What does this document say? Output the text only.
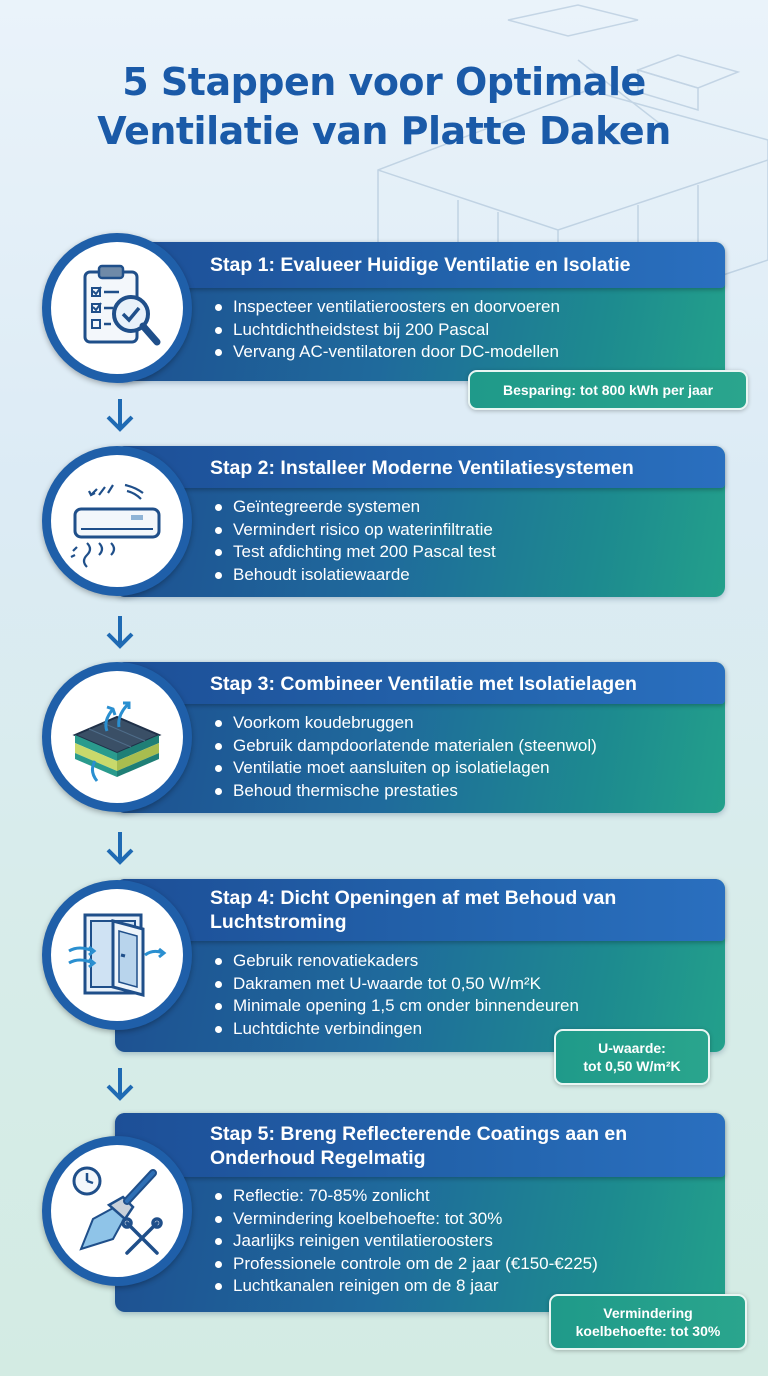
5 Stappen voor Optimale
Ventilatie van Platte Daken
Stap 1: Evalueer Huidige Ventilatie en Isolatie
Inspecteer ventilatieroosters en doorvoeren
Luchtdichtheidstest bij 200 Pascal
Vervang AC-ventilatoren door DC-modellen
Besparing: tot 800 kWh per jaar
Stap 2: Installeer Moderne Ventilatiesystemen
Geïntegreerde systemen
Vermindert risico op waterinfiltratie
Test afdichting met 200 Pascal test
Behoudt isolatiewaarde
Stap 3: Combineer Ventilatie met Isolatielagen
Voorkom koudebruggen
Gebruik dampdoorlatende materialen (steenwol)
Ventilatie moet aansluiten op isolatielagen
Behoud thermische prestaties
Stap 4: Dicht Openingen af met Behoud van
Luchtstroming
Gebruik renovatiekaders
Dakramen met U-waarde tot 0,50 W/m²K
Minimale opening 1,5 cm onder binnendeuren
Luchtdichte verbindingen
U-waarde:
tot 0,50 W/m²K
Stap 5: Breng Reflecterende Coatings aan en
Onderhoud Regelmatig
Reflectie: 70-85% zonlicht
Vermindering koelbehoefte: tot 30%
Jaarlijks reinigen ventilatieroosters
Professionele controle om de 2 jaar (€150-€225)
Luchtkanalen reinigen om de 8 jaar
Vermindering
koelbehoefte: tot 30%
